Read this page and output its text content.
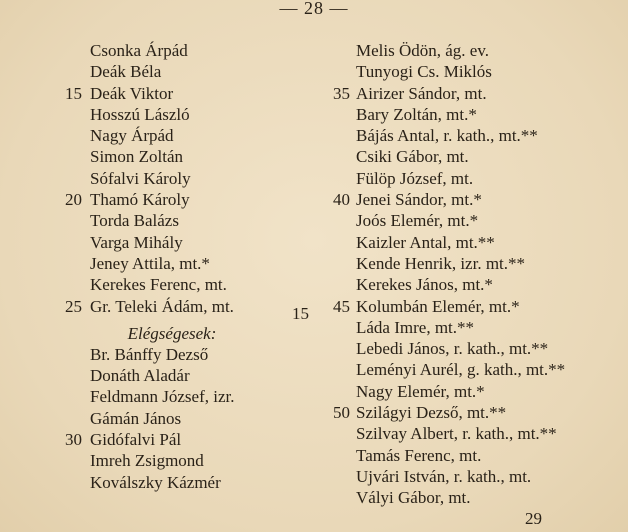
— 28 —
Csonka Árpád
Deák Béla
15 Deák Viktor
Hosszú László
Nagy Árpád
Simon Zoltán
Sófalvi Károly
20 Thamó Károly
Torda Balázs
Varga Mihály
Jeney Attila, mt.*
Kerekes Ferenc, mt.
25 Gr. Teleki Ádám, mt.
Elégségesek:
Br. Bánffy Dezső
Donáth Aladár
Feldmann József, izr.
Gámán János
30 Gidófalvi Pál
Imreh Zsigmond
Koválszky Kázmér
15
Melis Ödön, ág. ev.
Tunyogi Cs. Miklós
35 Airizer Sándor, mt.
Bary Zoltán, mt.*
Bájás Antal, r. kath., mt.**
Csiki Gábor, mt.
Fülöp József, mt.
40 Jenei Sándor, mt.*
Joós Elemér, mt.*
Kaizler Antal, mt.**
Kende Henrik, izr. mt.**
Kerekes János, mt.*
45 Kolumbán Elemér, mt.*
Láda Imre, mt.**
Lebedi János, r. kath., mt.**
Leményi Aurél, g. kath., mt.**
Nagy Elemér, mt.*
50 Szilágyi Dezső, mt.**
Szilvay Albert, r. kath., mt.**
Tamás Ferenc, mt.
Ujvári István, r. kath., mt.
Vályi Gábor, mt.
29
